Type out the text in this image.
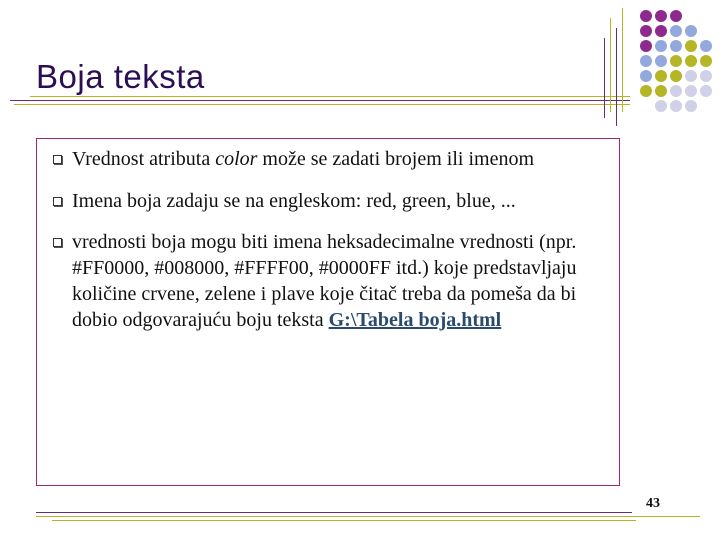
Boja teksta
Vrednost atributa color može se zadati brojem ili imenom
Imena boja zadaju se na engleskom: red, green, blue, ...
vrednosti boja mogu biti imena heksadecimalne vrednosti (npr. #FF0000, #008000, #FFFF00, #0000FF itd.) koje predstavljaju količine crvene, zelene i plave koje čitač treba da pomeša da bi dobio odgovarajuću boju teksta G:\Tabela boja.html
43
